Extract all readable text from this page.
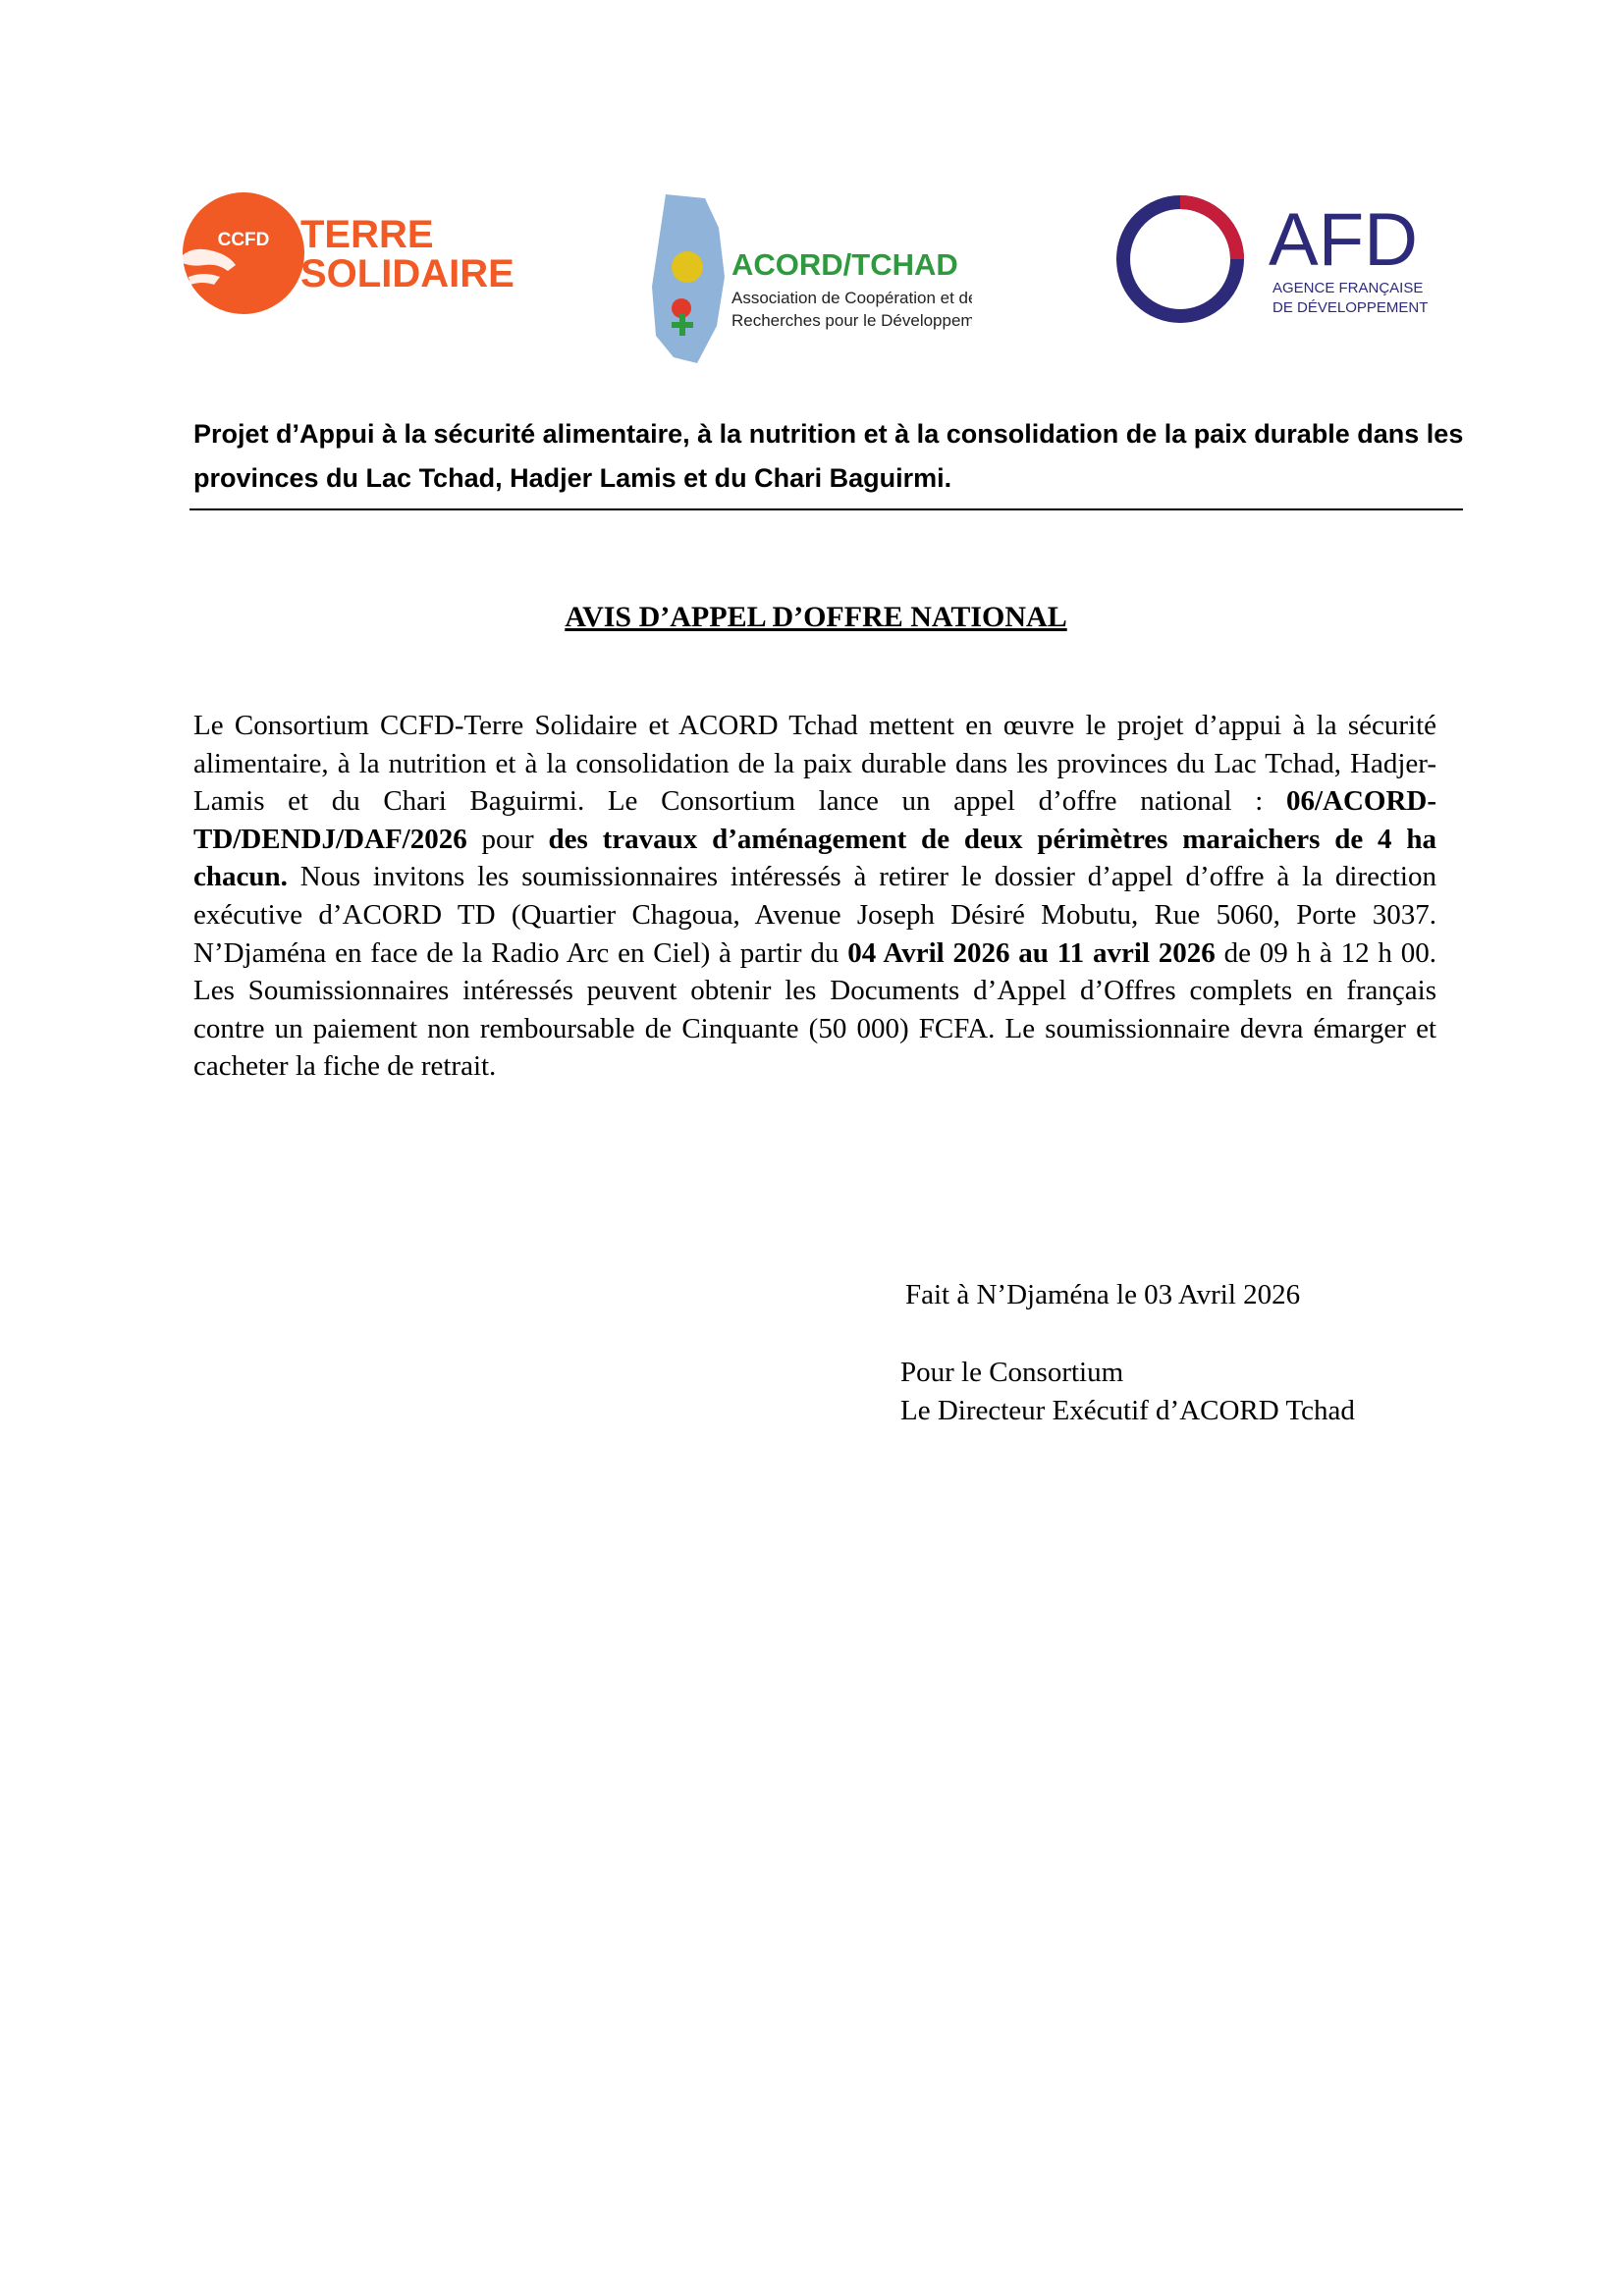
CCFD TERRE
SOLIDAIRE	ACORD/TCHAD
Association de Coopération et de
Recherches pour le Développement
AFD
AGENCE FRANÇAISE
DE DÉVELOPPEMENT
Projet d’Appui à la sécurité alimentaire, à la nutrition et à la consolidation de la paix durable dans les provinces du Lac Tchad, Hadjer Lamis et du Chari Baguirmi.
AVIS D’APPEL D’OFFRE NATIONAL
Le Consortium CCFD-Terre Solidaire et ACORD Tchad mettent en œuvre le projet d’appui à la sécurité alimentaire, à la nutrition et à la consolidation de la paix durable dans les provinces du Lac Tchad, Hadjer-Lamis et du Chari Baguirmi. Le Consortium lance un appel d’offre national : 06/ACORD-TD/DENDJ/DAF/2026 pour des travaux d’aménagement de deux périmètres maraichers de 4 ha chacun. Nous invitons les soumissionnaires intéressés à retirer le dossier d’appel d’offre à la direction exécutive d’ACORD TD (Quartier Chagoua, Avenue Joseph Désiré Mobutu, Rue 5060, Porte 3037. N’Djaména en face de la Radio Arc en Ciel) à partir du 04 Avril 2026 au 11 avril 2026 de 09 h à 12 h 00. Les Soumissionnaires intéressés peuvent obtenir les Documents d’Appel d’Offres complets en français contre un paiement non remboursable de Cinquante (50 000) FCFA. Le soumissionnaire devra émarger et cacheter la fiche de retrait.
Fait à N’Djaména le 03 Avril 2026
Pour le Consortium
Le Directeur Exécutif d’ACORD Tchad
